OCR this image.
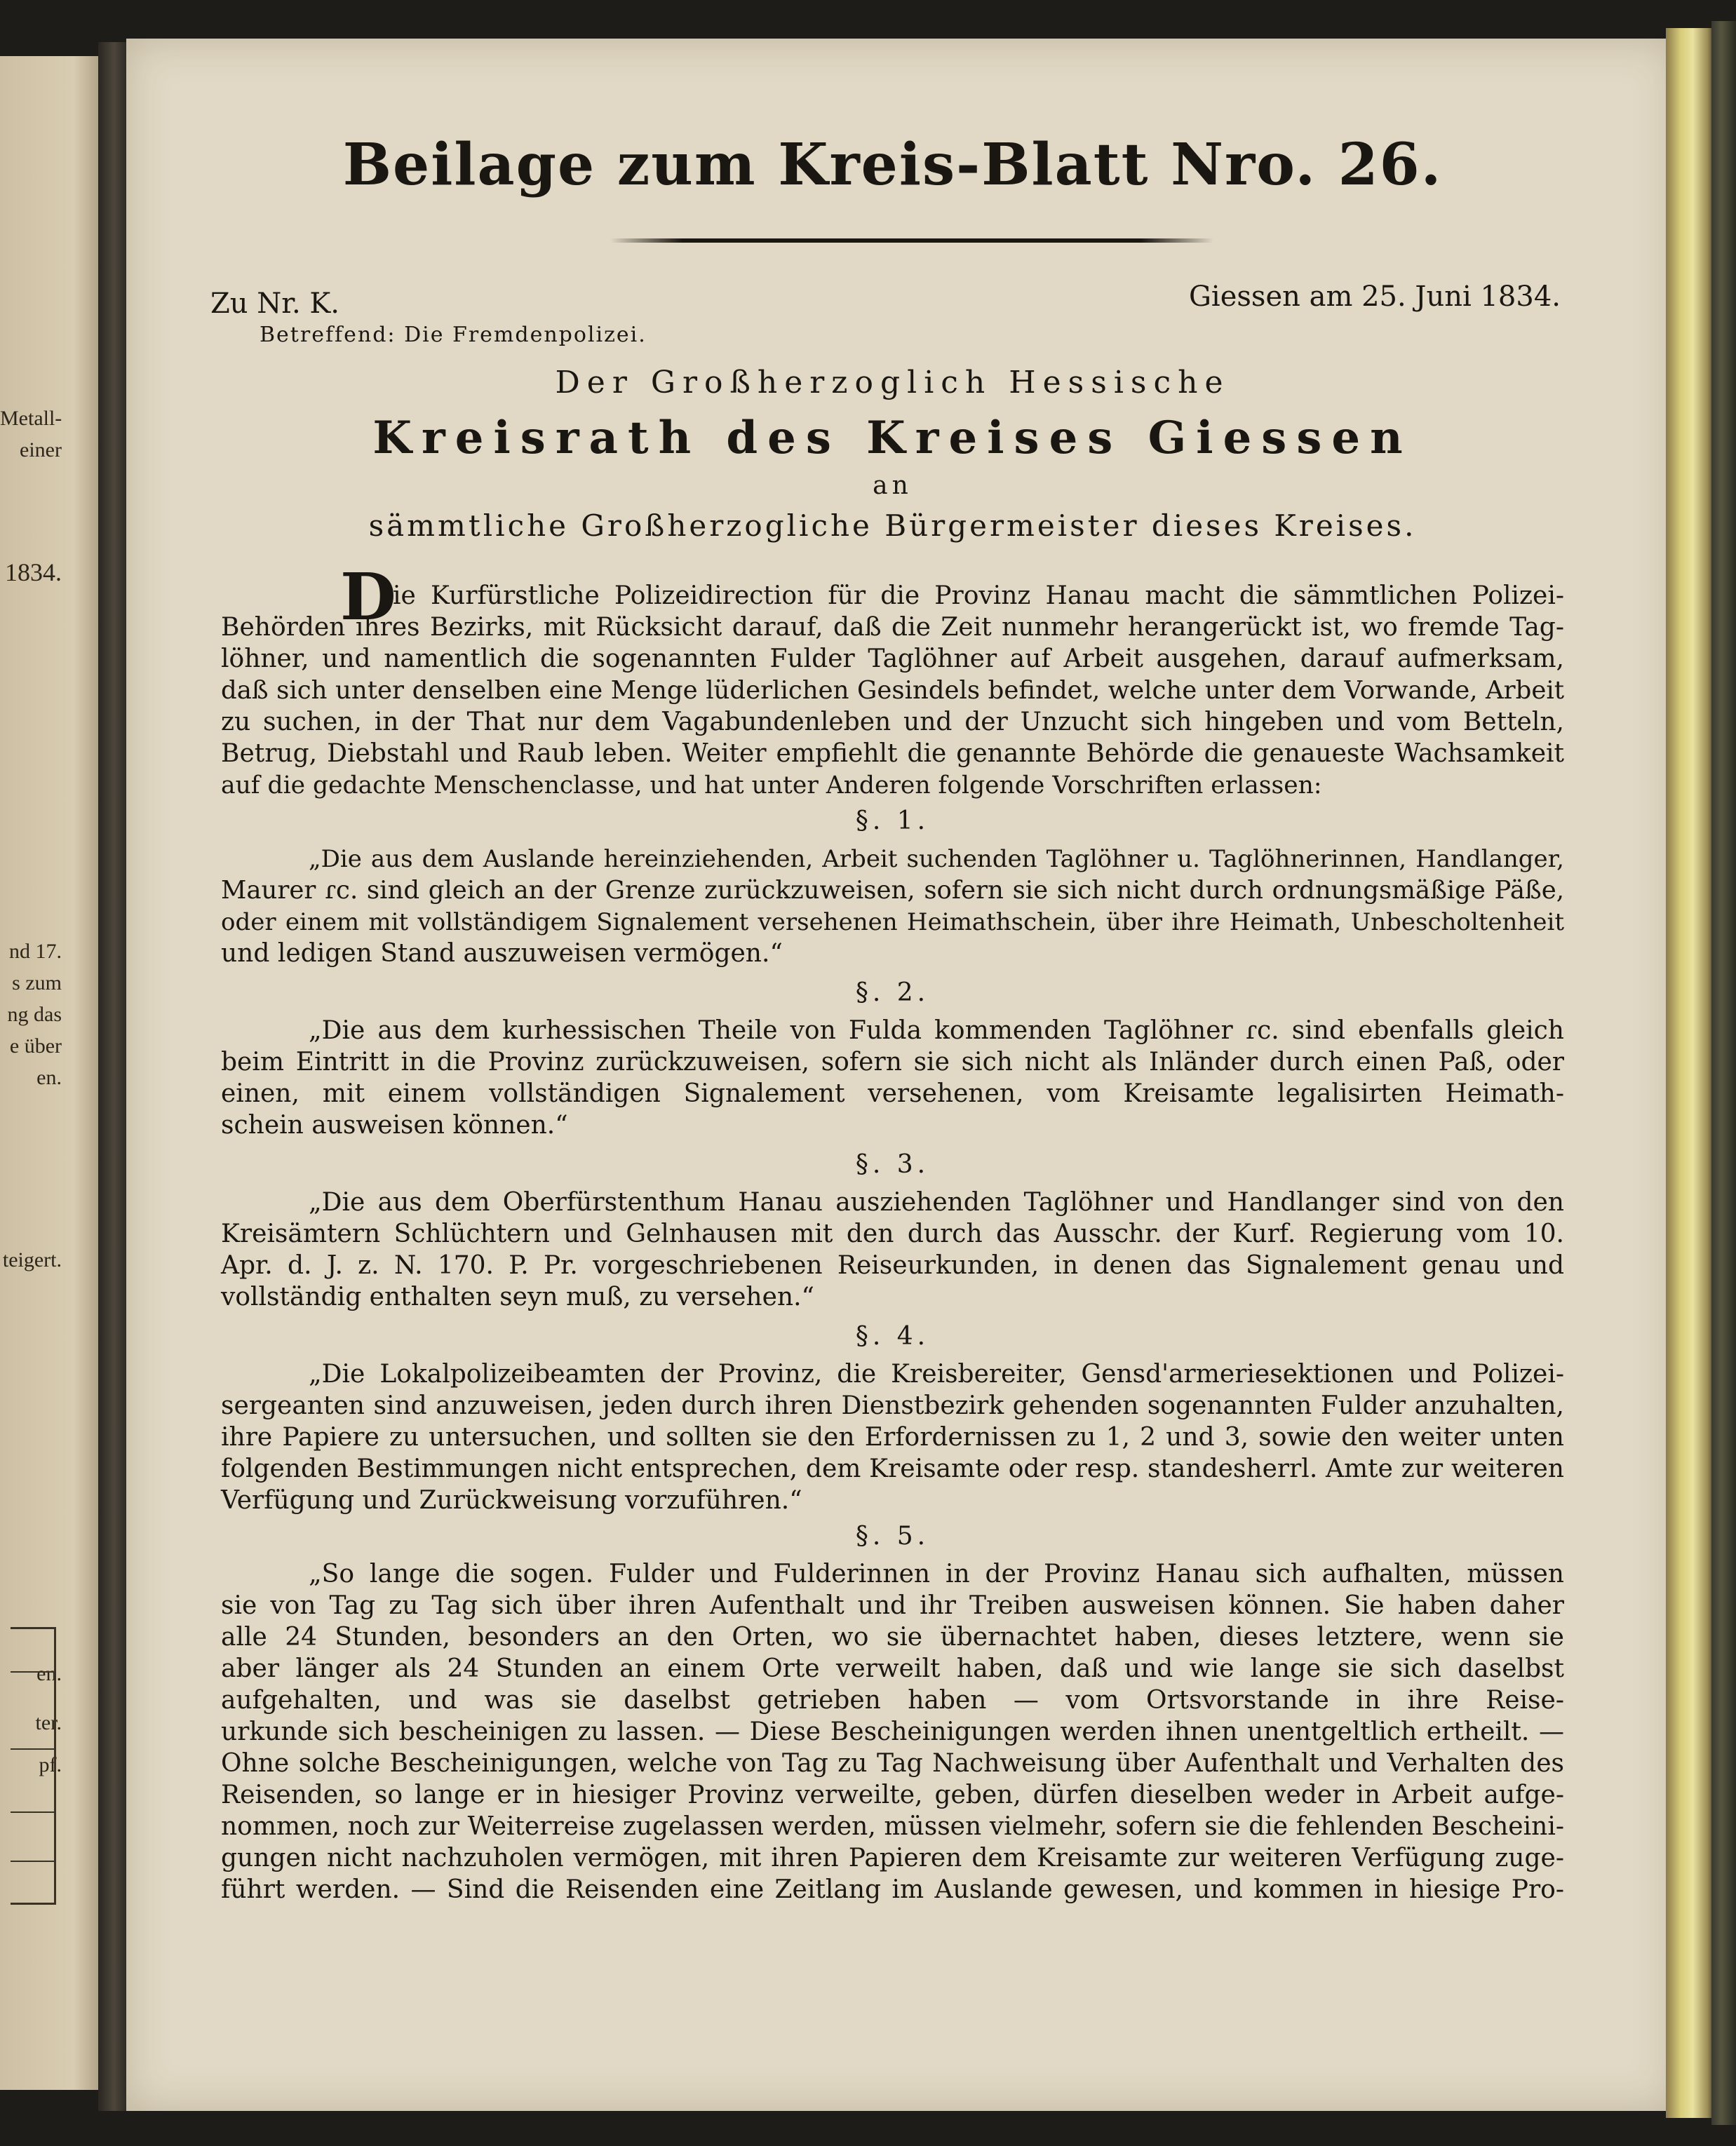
Metall-
einer
1834.
nd 17.
s zum
ng das
e über
en.
teigert.
en.
ter.
pf.
Beilage zum Kreis-Blatt Nro. 26.
Zu Nr. K.	Giessen am 25. Juni 1834.
Betreffend: Die Fremdenpolizei.
Der Großherzoglich Hessische
Kreisrath des Kreises Giessen
an
sämmtliche Großherzogliche Bürgermeister dieses Kreises.
D
ie Kurfürstliche Polizeidirection für die Provinz Hanau macht die sämmtlichen Polizei-
Behörden ihres Bezirks, mit Rücksicht darauf, daß die Zeit nunmehr herangerückt ist, wo fremde Tag-
löhner, und namentlich die sogenannten Fulder Taglöhner auf Arbeit ausgehen, darauf aufmerksam,
daß sich unter denselben eine Menge lüderlichen Gesindels befindet, welche unter dem Vorwande, Arbeit
zu suchen, in der That nur dem Vagabundenleben und der Unzucht sich hingeben und vom Betteln,
Betrug, Diebstahl und Raub leben. Weiter empfiehlt die genannte Behörde die genaueste Wachsamkeit
auf die gedachte Menschenclasse, und hat unter Anderen folgende Vorschriften erlassen:
§. 1.
„Die aus dem Auslande hereinziehenden, Arbeit suchenden Taglöhner u. Taglöhnerinnen, Handlanger,
Maurer ɾc. sind gleich an der Grenze zurückzuweisen, sofern sie sich nicht durch ordnungsmäßige Päße,
oder einem mit vollständigem Signalement versehenen Heimathschein, über ihre Heimath, Unbescholtenheit
und ledigen Stand auszuweisen vermögen.“
§. 2.
„Die aus dem kurhessischen Theile von Fulda kommenden Taglöhner ɾc. sind ebenfalls gleich
beim Eintritt in die Provinz zurückzuweisen, sofern sie sich nicht als Inländer durch einen Paß, oder
einen, mit einem vollständigen Signalement versehenen, vom Kreisamte legalisirten Heimath-
schein ausweisen können.“
§. 3.
„Die aus dem Oberfürstenthum Hanau ausziehenden Taglöhner und Handlanger sind von den
Kreisämtern Schlüchtern und Gelnhausen mit den durch das Ausschr. der Kurf. Regierung vom 10.
Apr. d. J. z. N. 170. P. Pr. vorgeschriebenen Reiseurkunden, in denen das Signalement genau und
vollständig enthalten seyn muß, zu versehen.“
§. 4.
„Die Lokalpolizeibeamten der Provinz, die Kreisbereiter, Gensd'armeriesektionen und Polizei-
sergeanten sind anzuweisen, jeden durch ihren Dienstbezirk gehenden sogenannten Fulder anzuhalten,
ihre Papiere zu untersuchen, und sollten sie den Erfordernissen zu 1, 2 und 3, sowie den weiter unten
folgenden Bestimmungen nicht entsprechen, dem Kreisamte oder resp. standesherrl. Amte zur weiteren
Verfügung und Zurückweisung vorzuführen.“
§. 5.
„So lange die sogen. Fulder und Fulderinnen in der Provinz Hanau sich aufhalten, müssen
sie von Tag zu Tag sich über ihren Aufenthalt und ihr Treiben ausweisen können. Sie haben daher
alle 24 Stunden, besonders an den Orten, wo sie übernachtet haben, dieses letztere, wenn sie
aber länger als 24 Stunden an einem Orte verweilt haben, daß und wie lange sie sich daselbst
aufgehalten, und was sie daselbst getrieben haben — vom Ortsvorstande in ihre Reise-
urkunde sich bescheinigen zu lassen. — Diese Bescheinigungen werden ihnen unentgeltlich ertheilt. —
Ohne solche Bescheinigungen, welche von Tag zu Tag Nachweisung über Aufenthalt und Verhalten des
Reisenden, so lange er in hiesiger Provinz verweilte, geben, dürfen dieselben weder in Arbeit aufge-
nommen, noch zur Weiterreise zugelassen werden, müssen vielmehr, sofern sie die fehlenden Bescheini-
gungen nicht nachzuholen vermögen, mit ihren Papieren dem Kreisamte zur weiteren Verfügung zuge-
führt werden. — Sind die Reisenden eine Zeitlang im Auslande gewesen, und kommen in hiesige Pro-
